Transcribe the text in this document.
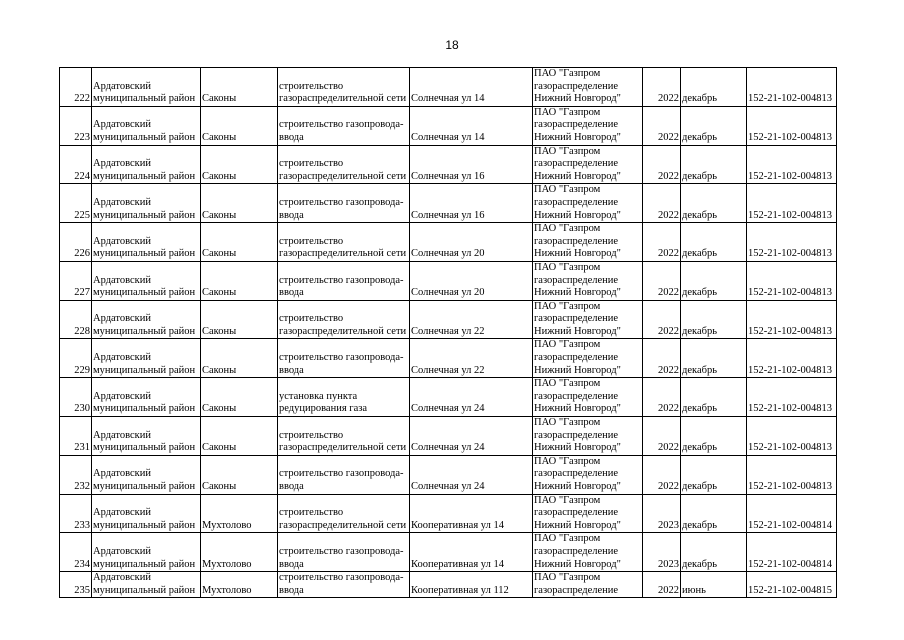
18
222	Ардатовский
муниципальный район	Саконы	строительство
газораспределительной сети	Солнечная ул 14	ПАО "Газпром
газораспределение
Нижний Новгород"	2022	декабрь	152-21-102-004813
223	Ардатовский
муниципальный район	Саконы	строительство газопровода-
ввода	Солнечная ул 14	ПАО "Газпром
газораспределение
Нижний Новгород"	2022	декабрь	152-21-102-004813
224	Ардатовский
муниципальный район	Саконы	строительство
газораспределительной сети	Солнечная ул 16	ПАО "Газпром
газораспределение
Нижний Новгород"	2022	декабрь	152-21-102-004813
225	Ардатовский
муниципальный район	Саконы	строительство газопровода-
ввода	Солнечная ул 16	ПАО "Газпром
газораспределение
Нижний Новгород"	2022	декабрь	152-21-102-004813
226	Ардатовский
муниципальный район	Саконы	строительство
газораспределительной сети	Солнечная ул 20	ПАО "Газпром
газораспределение
Нижний Новгород"	2022	декабрь	152-21-102-004813
227	Ардатовский
муниципальный район	Саконы	строительство газопровода-
ввода	Солнечная ул 20	ПАО "Газпром
газораспределение
Нижний Новгород"	2022	декабрь	152-21-102-004813
228	Ардатовский
муниципальный район	Саконы	строительство
газораспределительной сети	Солнечная ул 22	ПАО "Газпром
газораспределение
Нижний Новгород"	2022	декабрь	152-21-102-004813
229	Ардатовский
муниципальный район	Саконы	строительство газопровода-
ввода	Солнечная ул 22	ПАО "Газпром
газораспределение
Нижний Новгород"	2022	декабрь	152-21-102-004813
230	Ардатовский
муниципальный район	Саконы	установка пункта
редуцирования газа	Солнечная ул 24	ПАО "Газпром
газораспределение
Нижний Новгород"	2022	декабрь	152-21-102-004813
231	Ардатовский
муниципальный район	Саконы	строительство
газораспределительной сети	Солнечная ул 24	ПАО "Газпром
газораспределение
Нижний Новгород"	2022	декабрь	152-21-102-004813
232	Ардатовский
муниципальный район	Саконы	строительство газопровода-
ввода	Солнечная ул 24	ПАО "Газпром
газораспределение
Нижний Новгород"	2022	декабрь	152-21-102-004813
233	Ардатовский
муниципальный район	Мухтолово	строительство
газораспределительной сети	Кооперативная ул 14	ПАО "Газпром
газораспределение
Нижний Новгород"	2023	декабрь	152-21-102-004814
234	Ардатовский
муниципальный район	Мухтолово	строительство газопровода-
ввода	Кооперативная ул 14	ПАО "Газпром
газораспределение
Нижний Новгород"	2023	декабрь	152-21-102-004814
235	Ардатовский
муниципальный район	Мухтолово	строительство газопровода-
ввода	Кооперативная ул 112	ПАО "Газпром
газораспределение	2022	июнь	152-21-102-004815
